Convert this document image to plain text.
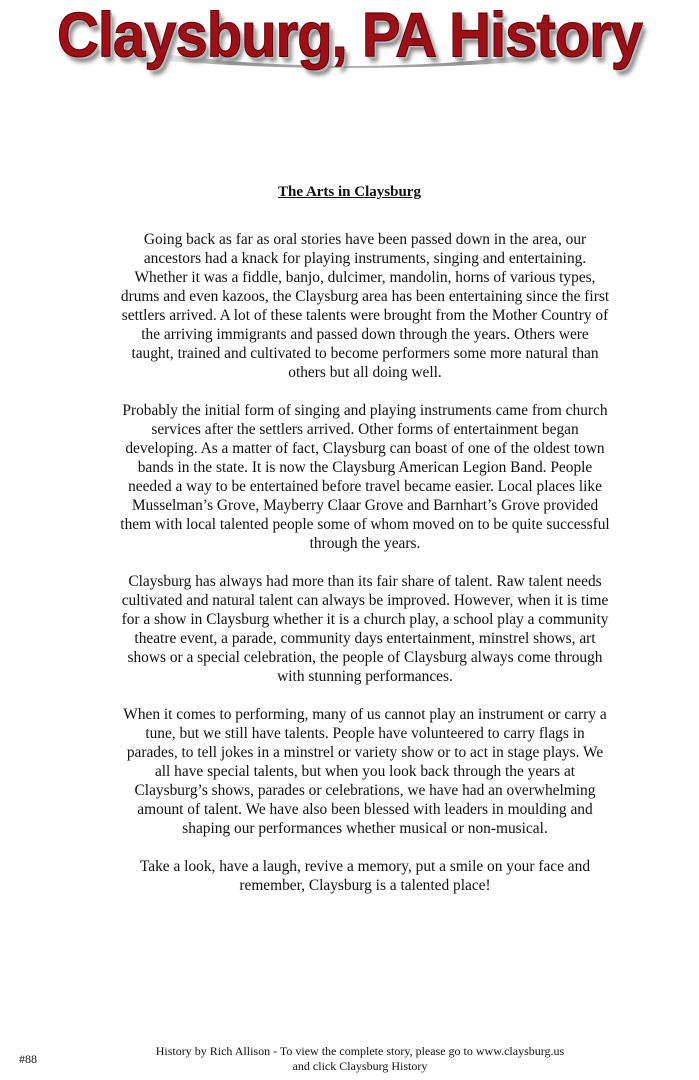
Claysburg, PA History
The Arts in Claysburg

Going back as far as oral stories have been passed down in the area, our ancestors had a knack for playing instruments, singing and entertaining. Whether it was a fiddle, banjo, dulcimer, mandolin, horns of various types, drums and even kazoos, the Claysburg area has been entertaining since the first settlers arrived. A lot of these talents were brought from the Mother Country of the arriving immigrants and passed down through the years. Others were taught, trained and cultivated to become performers some more natural than others but all doing well.

Probably the initial form of singing and playing instruments came from church services after the settlers arrived. Other forms of entertainment began developing. As a matter of fact, Claysburg can boast of one of the oldest town bands in the state. It is now the Claysburg American Legion Band. People needed a way to be entertained before travel became easier. Local places like Musselman’s Grove, Mayberry Claar Grove and Barnhart’s Grove provided them with local talented people some of whom moved on to be quite successful through the years.

Claysburg has always had more than its fair share of talent. Raw talent needs cultivated and natural talent can always be improved. However, when it is time for a show in Claysburg whether it is a church play, a school play a community theatre event, a parade, community days entertainment, minstrel shows, art shows or a special celebration, the people of Claysburg always come through with stunning performances.

When it comes to performing, many of us cannot play an instrument or carry a tune, but we still have talents. People have volunteered to carry flags in parades, to tell jokes in a minstrel or variety show or to act in stage plays. We all have special talents, but when you look back through the years at Claysburg’s shows, parades or celebrations, we have had an overwhelming amount of talent. We have also been blessed with leaders in moulding and shaping our performances whether musical or non-musical.

Take a look, have a laugh, revive a memory, put a smile on your face and remember, Claysburg is a talented place!

#88
History by Rich Allison - To view the complete story, please go to www.claysburg.us
and click Claysburg History
